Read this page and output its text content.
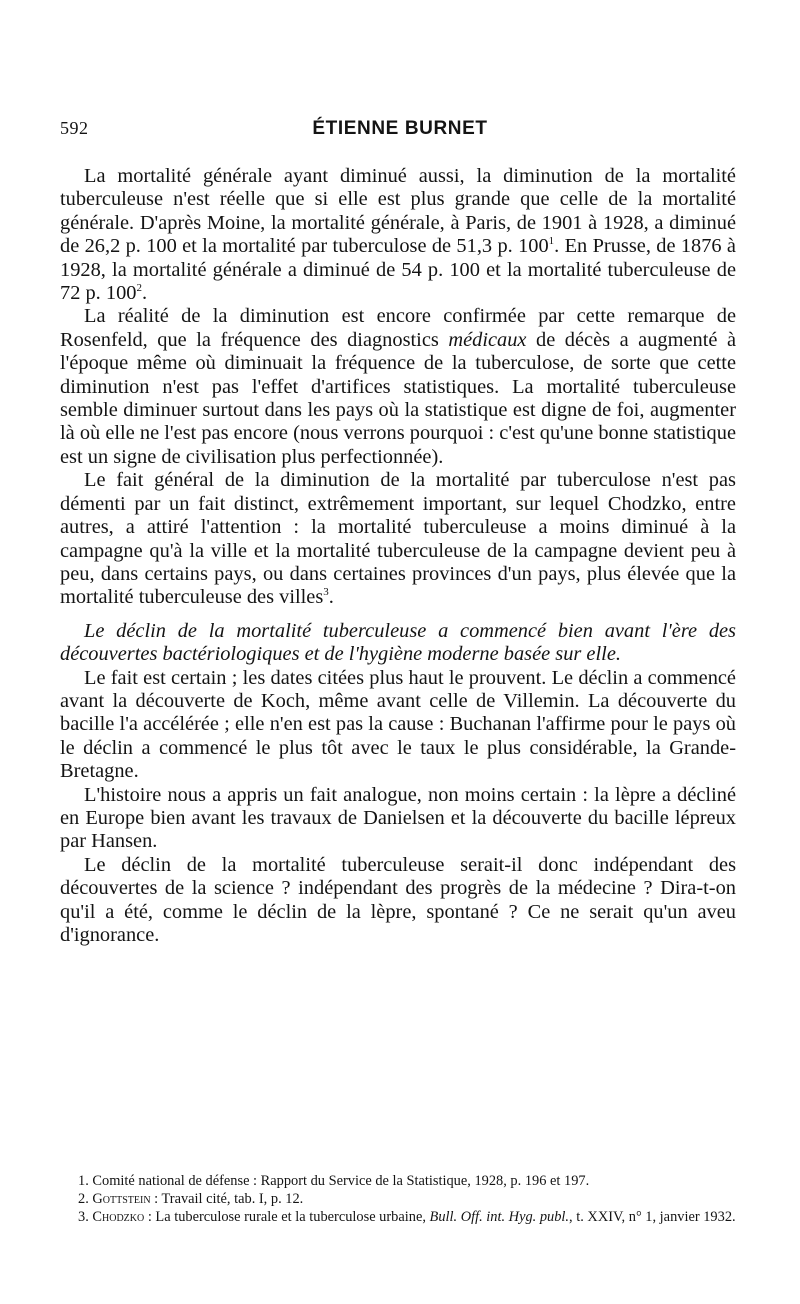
592	ÉTIENNE BURNET

La mortalité générale ayant diminué aussi, la diminution de la mortalité tuberculeuse n'est réelle que si elle est plus grande que celle de la mortalité générale. D'après Moine, la mortalité générale, à Paris, de 1901 à 1928, a diminué de 26,2 p. 100 et la mortalité par tuberculose de 51,3 p. $100^1$. En Prusse, de 1876 à 1928, la mortalité générale a diminué de 54 p. 100 et la mortalité tuberculeuse de 72 p. $100^2$.

La réalité de la diminution est encore confirmée par cette remarque de Rosenfeld, que la fréquence des diagnostics médicaux de décès a augmenté à l'époque même où diminuait la fréquence de la tuberculose, de sorte que cette diminution n'est pas l'effet d'artifices statistiques. La mortalité tuberculeuse semble diminuer surtout dans les pays où la statistique est digne de foi, augmenter là où elle ne l'est pas encore (nous verrons pourquoi : c'est qu'une bonne statistique est un signe de civilisation plus perfectionnée).

Le fait général de la diminution de la mortalité par tuberculose n'est pas démenti par un fait distinct, extrêmement important, sur lequel Chodzko, entre autres, a attiré l'attention : la mortalité tuberculeuse a moins diminué à la campagne qu'à la ville et la mortalité tuberculeuse de la campagne devient peu à peu, dans certains pays, ou dans certaines provinces d'un pays, plus élevée que la mortalité tuberculeuse des villes$^3$.

Le déclin de la mortalité tuberculeuse a commencé bien avant l'ère des découvertes bactériologiques et de l'hygiène moderne basée sur elle.

Le fait est certain ; les dates citées plus haut le prouvent. Le déclin a commencé avant la découverte de Koch, même avant celle de Villemin. La découverte du bacille l'a accélérée ; elle n'en est pas la cause : Buchanan l'affirme pour le pays où le déclin a commencé le plus tôt avec le taux le plus considérable, la Grande-Bretagne.

L'histoire nous a appris un fait analogue, non moins certain : la lèpre a décliné en Europe bien avant les travaux de Danielsen et la découverte du bacille lépreux par Hansen.

Le déclin de la mortalité tuberculeuse serait-il donc indépendant des découvertes de la science ? indépendant des progrès de la médecine ? Dira-t-on qu'il a été, comme le déclin de la lèpre, spontané ? Ce ne serait qu'un aveu d'ignorance.

1. Comité national de défense : Rapport du Service de la Statistique, 1928, p. 196 et 197.

2. Gottstein : Travail cité, tab. I, p. 12.

3. Chodzko : La tuberculose rurale et la tuberculose urbaine, Bull. Off. int. Hyg. publ., t. XXIV, n° 1, janvier 1932.
